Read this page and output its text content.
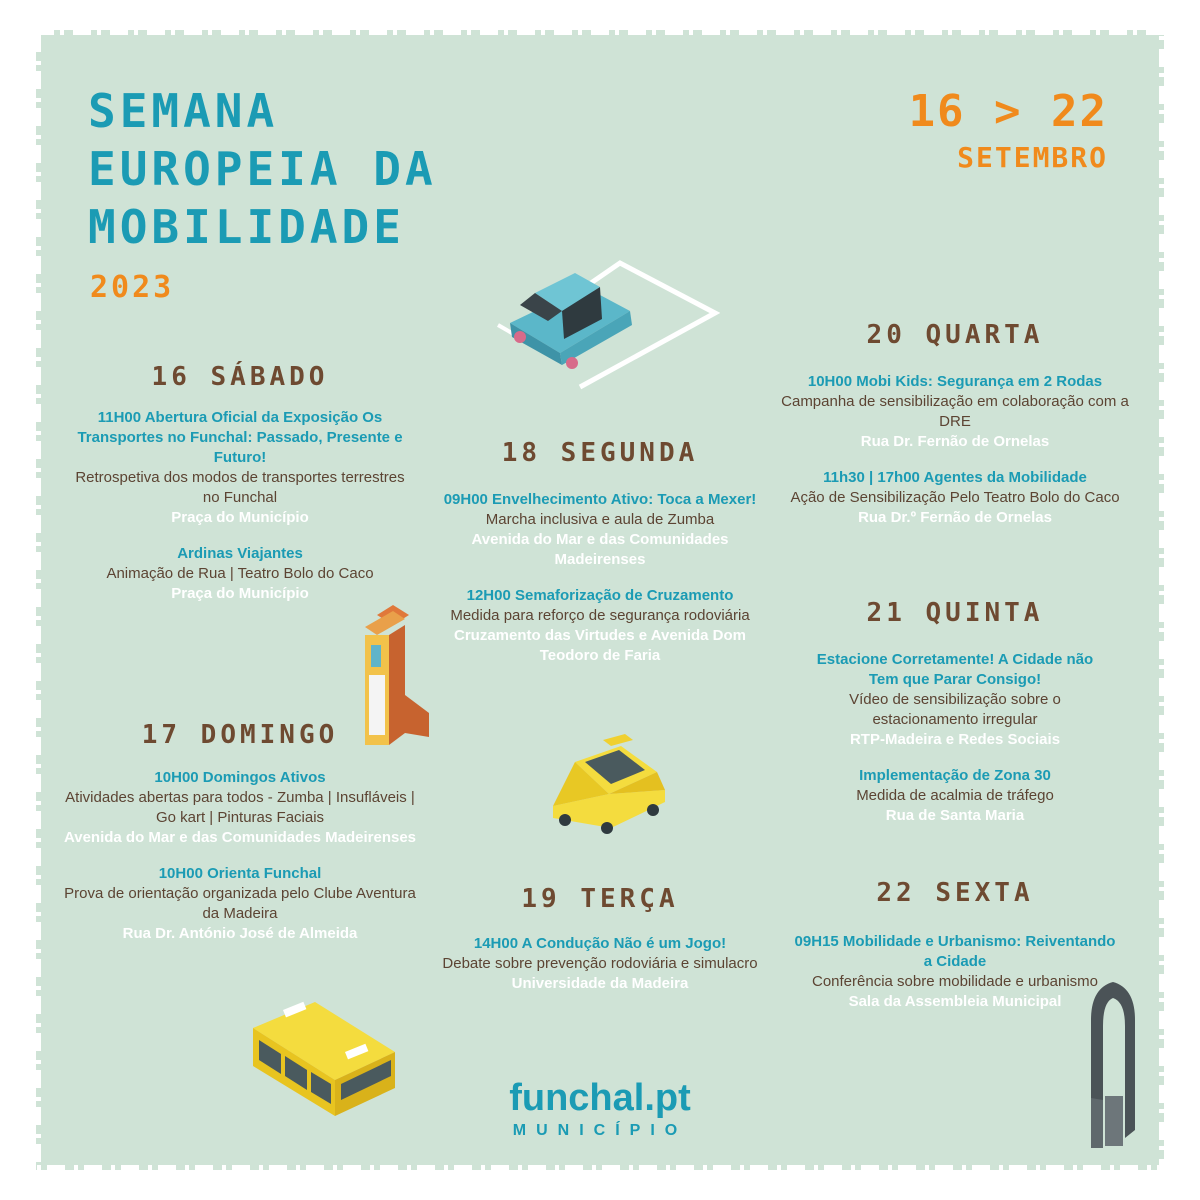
SEMANA
EUROPEIA DA
MOBILIDADE
2023
16 > 22
SETEMBRO
16 SÁBADO
11H00 Abertura Oficial da Exposição Os Transportes no Funchal: Passado, Presente e Futuro!
Retrospetiva dos modos de transportes terrestres no Funchal
Praça do Município
Ardinas Viajantes
Animação de Rua | Teatro Bolo do Caco
Praça do Município
17 DOMINGO
10H00 Domingos Ativos
Atividades abertas para todos - Zumba | Insufláveis | Go kart | Pinturas Faciais
Avenida do Mar e das Comunidades Madeirenses
10H00 Orienta Funchal
Prova de orientação organizada pelo Clube Aventura da Madeira
Rua Dr. António José de Almeida
18 SEGUNDA
09H00 Envelhecimento Ativo: Toca a Mexer!
Marcha inclusiva e aula de Zumba
Avenida do Mar e das Comunidades Madeirenses
12H00 Semaforização de Cruzamento
Medida para reforço de segurança rodoviária
Cruzamento das Virtudes e Avenida Dom Teodoro de Faria
19 TERÇA
14H00 A Condução Não é um Jogo!
Debate sobre prevenção rodoviária e simulacro
Universidade da Madeira
20 QUARTA
10H00 Mobi Kids: Segurança em 2 Rodas
Campanha de sensibilização em colaboração com a DRE
Rua Dr. Fernão de Ornelas
11h30 | 17h00 Agentes da Mobilidade
Ação de Sensibilização Pelo Teatro Bolo do Caco
Rua Dr.º Fernão de Ornelas
21 QUINTA
Estacione Corretamente! A Cidade não Tem que Parar Consigo!
Vídeo de sensibilização sobre o estacionamento irregular
RTP-Madeira e Redes Sociais
Implementação de Zona 30
Medida de acalmia de tráfego
Rua de Santa Maria
22 SEXTA
09H15 Mobilidade e Urbanismo: Reiventando a Cidade
Conferência sobre mobilidade e urbanismo
Sala da Assembleia Municipal
funchal.pt
MUNICÍPIO
